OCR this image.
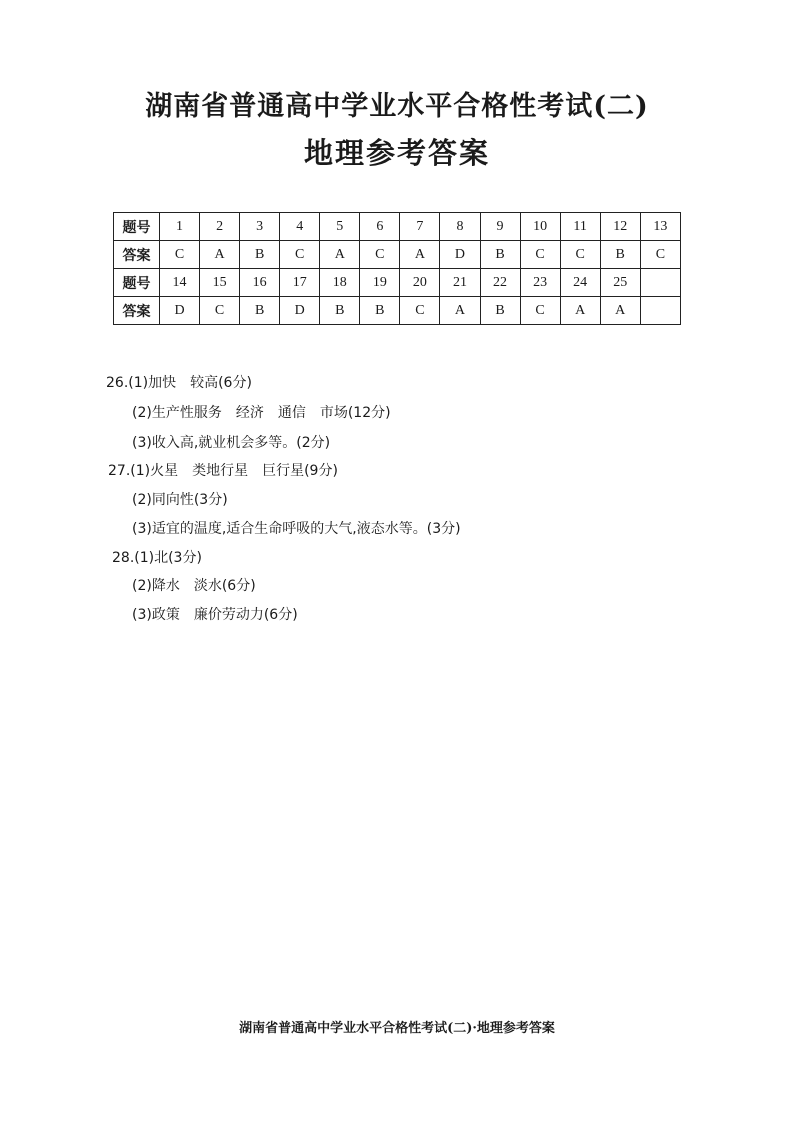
湖南省普通高中学业水平合格性考试(二)
地理参考答案
题号	1	2	3	4	5	6	7	8	9	10	11	12	13
答案	C	A	B	C	A	C	A	D	B	C	C	B	C
题号	14	15	16	17	18	19	20	21	22	23	24	25	
答案	D	C	B	D	B	B	C	A	B	C	A	A	
26.(1)加快　较高(6分)
(2)生产性服务　经济　通信　市场(12分)
(3)收入高,就业机会多等。(2分)
27.(1)火星　类地行星　巨行星(9分)
(2)同向性(3分)
(3)适宜的温度,适合生命呼吸的大气,液态水等。(3分)
28.(1)北(3分)
(2)降水　淡水(6分)
(3)政策　廉价劳动力(6分)
湖南省普通高中学业水平合格性考试(二)·地理参考答案
